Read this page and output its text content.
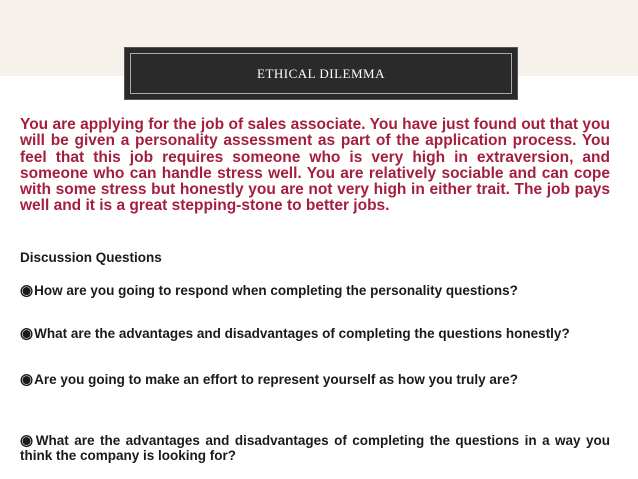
ETHICAL DILEMMA

You are applying for the job of sales associate. You have just found out that you will be given a personality assessment as part of the application process. You feel that this job requires someone who is very high in extraversion, and someone who can handle stress well. You are relatively sociable and can cope with some stress but honestly you are not very high in either trait. The job pays well and it is a great stepping-stone to better jobs.

Discussion Questions

◉How are you going to respond when completing the personality questions?

◉What are the advantages and disadvantages of completing the questions honestly?

◉Are you going to make an effort to represent yourself as how you truly are?

◉What are the advantages and disadvantages of completing the questions in a way you think the company is looking for?
